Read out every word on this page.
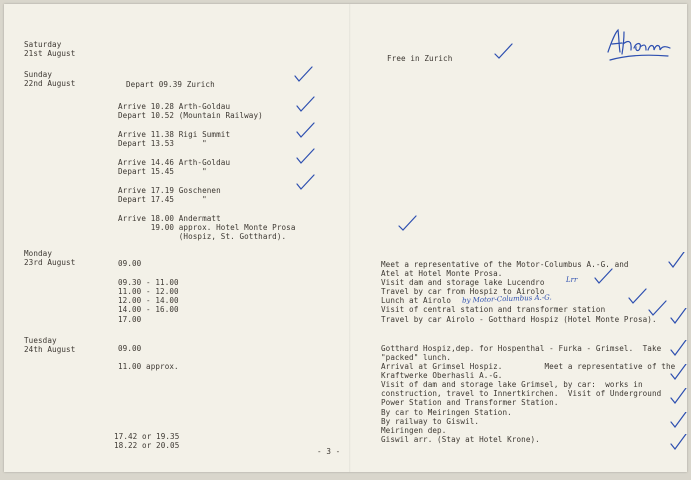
Saturday
21st August
Sunday
22nd August
Monday
23rd August
Tuesday
24th August
Depart 09.39 Zurich
Arrive 10.28 Arth-Goldau
Depart 10.52 (Mountain Railway)
Arrive 11.38 Rigi Summit
Depart 13.53      "
Arrive 14.46 Arth-Goldau
Depart 15.45      "
Arrive 17.19 Goschenen
Depart 17.45      "
Arrive 18.00 Andermatt
19.00 approx. Hotel Monte Prosa
(Hospiz, St. Gotthard).
09.00
09.30 - 11.00
11.00 - 12.00
12.00 - 14.00
14.00 - 16.00
17.00
09.00
11.00 approx.
17.42 or 19.35
18.22 or 20.05
Free in Zurich
Meet a representative of the Motor-Columbus A.-G. and
Atel at Hotel Monte Prosa.
Visit dam and storage lake Lucendro
Travel by car from Hospiz to Airolo
Lunch at Airolo
Visit of central station and transformer station
Travel by car Airolo - Gotthard Hospiz (Hotel Monte Prosa).
Gotthard Hospiz,dep. for Hospenthal - Furka - Grimsel.  Take
"packed" lunch.
Arrival at Grimsel Hospiz.         Meet a representative of the
Kraftwerke Oberhasli A.-G.
Visit of dam and storage lake Grimsel, by car:  works in
construction, travel to Innertkirchen.  Visit of Underground
Power Station and Transformer Station.
By car to Meiringen Station.
By railway to Giswil.
Meiringen dep.
Giswil arr. (Stay at Hotel Krone).
- 3 -
Lrr
by Motor-Columbus A.-G.
